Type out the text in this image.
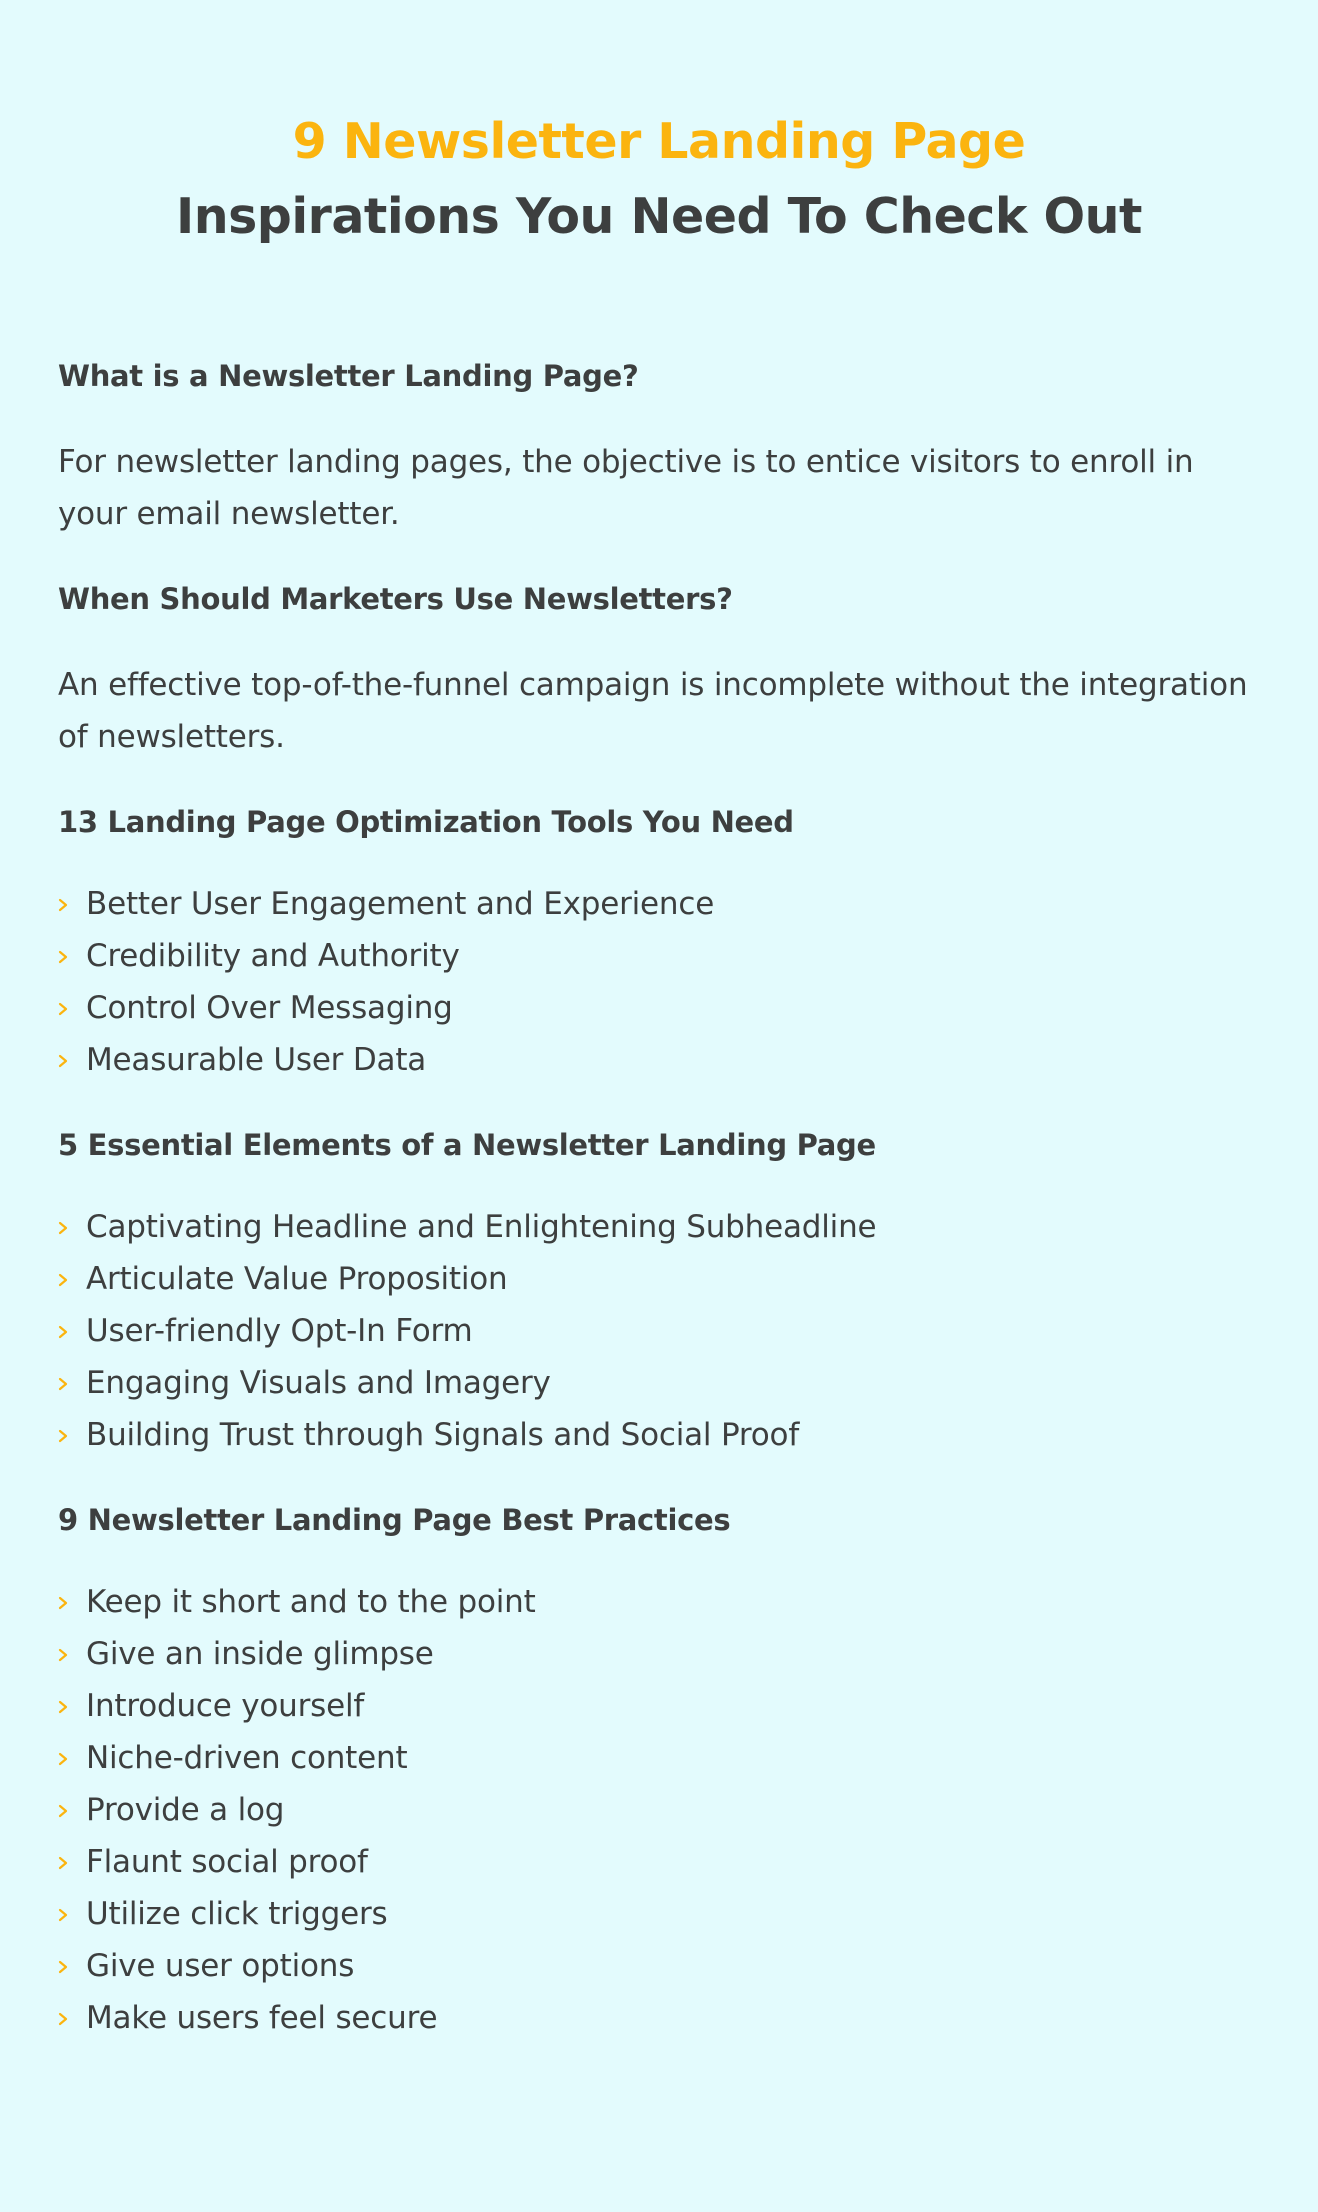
9 Newsletter Landing Page
Inspirations You Need To Check Out
What is a Newsletter Landing Page?

For newsletter landing pages, the objective is to entice visitors to enroll in your email newsletter.

When Should Marketers Use Newsletters?

An effective top-of-the-funnel campaign is incomplete without the integration of newsletters.

13 Landing Page Optimization Tools You Need
Better User Engagement and Experience
Credibility and Authority
Control Over Messaging
Measurable User Data
5 Essential Elements of a Newsletter Landing Page
Captivating Headline and Enlightening Subheadline
Articulate Value Proposition
User-friendly Opt-In Form
Engaging Visuals and Imagery
Building Trust through Signals and Social Proof
9 Newsletter Landing Page Best Practices
Keep it short and to the point
Give an inside glimpse
Introduce yourself
Niche-driven content
Provide a log
Flaunt social proof
Utilize click triggers
Give user options
Make users feel secure
